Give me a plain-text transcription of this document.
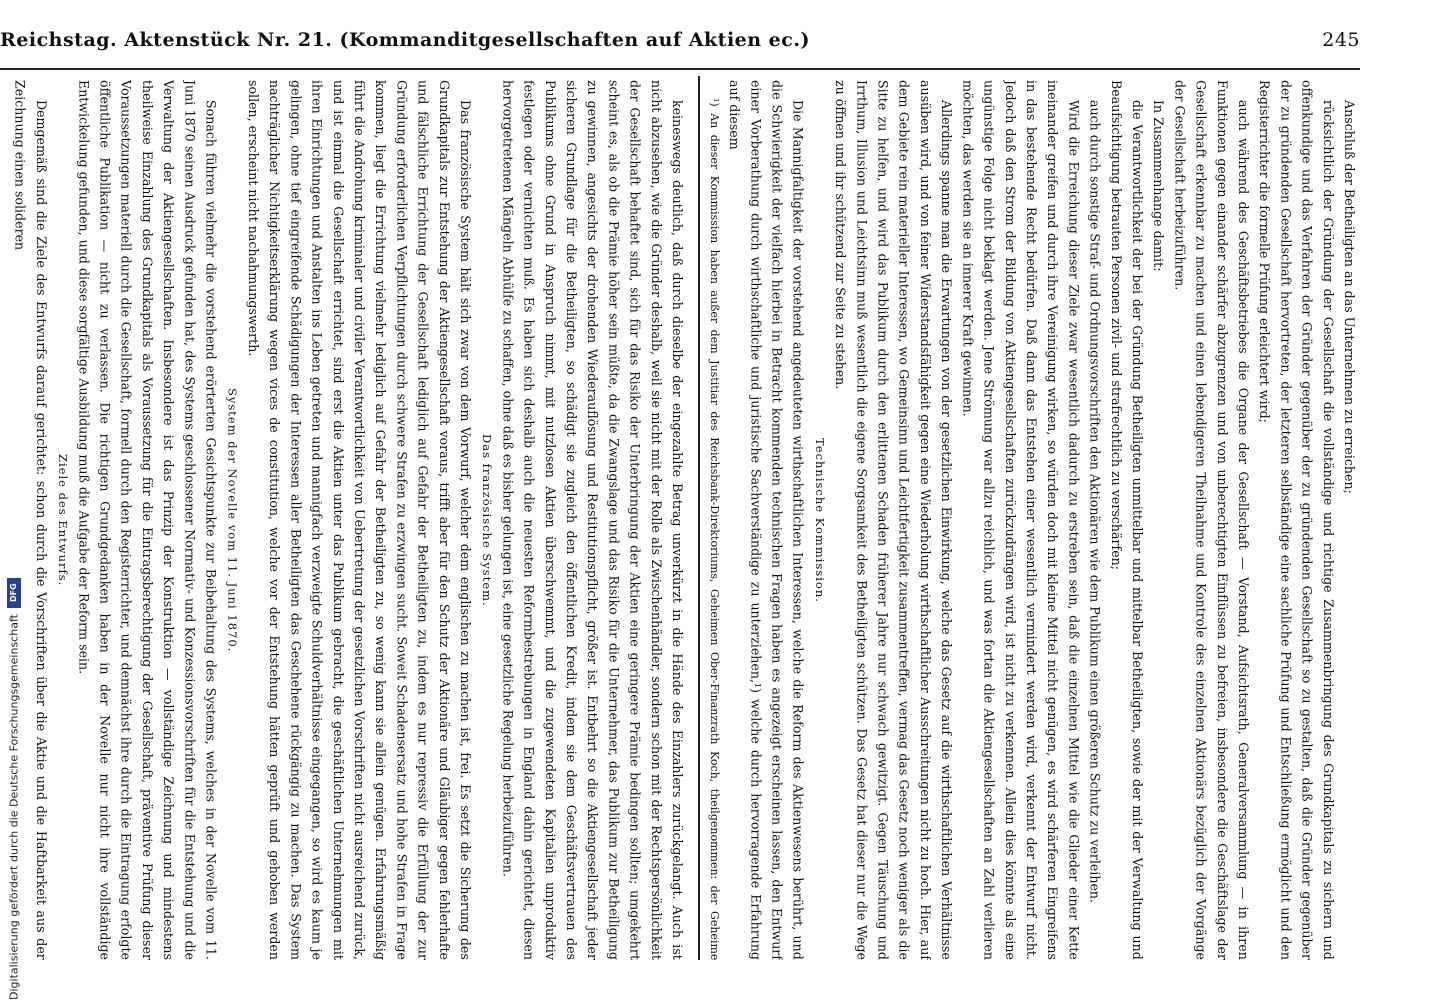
Reichstag. Aktenstück Nr. 21. (Kommanditgesellschaften auf Aktien ec.)	245

keineswegs deutlich, daß durch dieselbe der eingezahlte Betrag unverkürzt in die Hände des Einzahlers zurückgelangt. Auch ist nicht abzusehen, wie die Gründer deshalb, weil sie nicht mit der Rolle als Zwischenhändler, sondern schon mit der Rechtspersönlichkeit der Gesellschaft behaftet sind, sich für das Risiko der Unterbringung der Aktien eine geringere Prämie bedingen sollten; umgekehrt scheint es, als ob die Prämie höher sein müßte, da die Zwangslage und das Risiko für die Unternehmer, das Publikum zur Betheiligung zu gewinnen, angesichts der drohenden Wiederauflösung und Restitutionspflicht, größer ist. Entbehrt so die Aktiengesellschaft jeder sicheren Grundlage für die Betheiligten, so schädigt sie zugleich den öffentlichen Kredit, indem sie dem Geschäftsvertrauen des Publikums ohne Grund in Anspruch nimmt, mit nutzlosen Aktien überschwemmt, und die zugewendeten Kapitalien unproduktiv festlegen oder vernichten muß. Es haben sich deshalb auch die neuesten Reformbestrebungen in England dahin gerichtet, diesen hervorgetretenen Mängeln Abhülfe zu schaffen, ohne daß es bisher gelungen ist, eine gesetzliche Regelung herbeizuführen.

Das französische System.

Das französische System hält sich zwar von dem Vorwurf, welcher dem englischen zu machen ist, frei. Es setzt die Sicherung des Grundkapitals zur Entstehung der Aktiengesellschaft voraus, trifft aber für den Schutz der Aktionäre und Gläubiger gegen fehlerhafte und fälschliche Errichtung der Gesellschaft lediglich auf Gefahr der Betheiligten zu, indem es nur repressiv die Erfüllung der zur Gründung erforderlichen Verpflichtungen durch schwere Strafen zu erzwingen sucht. Soweit Schadensersatz und hohe Strafen in Frage kommen, liegt die Errichtung vielmehr lediglich auf Gefahr der Betheiligten zu, so wenig kann sie allein genügen. Erfahrungsmäßig führt die Androhung kriminaler und civiler Verantwortlichkeit von Uebertretung der gesetzlichen Vorschriften nicht ausreichend zurück, und ist einmal die Gesellschaft errichtet, sind erst die Aktien unter das Publikum gebracht, die geschäftlichen Unternehmungen mit ihren Einrichtungen und Anstalten ins Leben getreten und mannigfach verzweigte Schuldverhältnisse eingegangen, so wird es kaum je gelingen, ohne tief eingreifende Schädigungen der Interessen aller Betheiligten das Geschehene rückgängig zu machen. Das System nachträglicher Nichtigkeitserklärung wegen vices de constitution, welche vor der Entstehung hätten geprüft und gehoben werden sollen, erscheint nicht nachahmungswerth.

System der Novelle vom 11. Juni 1870.

Sonach führen vielmehr die vorstehend erörterten Gesichtspunkte zur Beibehaltung des Systems, welches in der Novelle vom 11. Juni 1870 seinen Ausdruck gefunden hat, des Systems geschlossener Normativ- und Konzessionsvorschriften für die Entstehung und die Verwaltung der Aktiengesellschaften. Insbesondere ist das Prinzip der Konstruktion — vollständige Zeichnung und mindestens theilweise Einzahlung des Grundkapitals als Voraussetzung für die Eintragsberechtigung der Gesellschaft, präventive Prüfung dieser Voraussetzungen materiell durch die Gesellschaft, formell durch den Registerrichter, und demnächst ihre durch die Eintragung erfolgte öffentliche Publikation — nicht zu verlassen. Die richtigen Grundgedanken haben in der Novelle nur nicht ihre vollständige Entwickelung gefunden, und diese sorgfältige Ausbildung muß die Aufgabe der Reform sein.

Ziele des Entwurfs.

Demgemäß sind die Ziele des Entwurfs darauf gerichtet: schon durch die Vorschriften über die Aktie und die Haftbarkeit aus der Zeichnung einen solideren	Anschluß der Betheiligten an das Unternehmen zu erreichen;

rücksichtlich der Gründung der Gesellschaft die vollständige und richtige Zusammenbringung des Grundkapitals zu sichern und offenkundige und das Verfahren der Gründer gegenüber der zu gründenden Gesellschaft so zu gestalten, daß die Gründer gegenüber der zu gründenden Gesellschaft hervortreten, der letzteren selbständige eine sachliche Prüfung und Entschließung ermöglicht und den Registerrichter die formelle Prüfung erleichtert wird;

auch während des Geschäftsbetriebes die Organe der Gesellschaft — Vorstand, Aufsichtsrath, Generalversammlung — in ihren Funktionen gegen einander schärfer abzugrenzen und von unberechtigten Einflüssen zu befreien, insbesondere die Geschäftslage der Gesellschaft erkennbar zu machen und einen lebendigeren Theilnahme und Kontrole des einzelnen Aktionärs bezüglich der Vorgänge der Gesellschaft herbeizuführen.

In Zusammenhange damit:

die Verantwortlichkeit der bei der Gründung Betheiligten unmittelbar und mittelbar Betheiligten, sowie der mit der Verwaltung und Beaufsichtigung betrauten Personen zivil- und strafrechtlich zu verschärfen;

auch durch sonstige Straf- und Ordnungsvorschriften den Aktionären wie dem Publikum einen größeren Schutz zu verleihen.

Wird die Erreichung dieser Ziele zwar wesentlich dadurch zu erstreben sein, daß die einzelnen Mittel wie die Glieder einer Kette ineinander greifen und durch ihre Vereinigung wirken, so würden doch mit kleine Mittel nicht genügen, es wird schärferen Eingreifens in das bestehende Recht bedürfen. Daß dann das Entstehen einer wesentlich vermindert werden wird, verkennt der Entwurf nicht. Jedoch daß den Strom der Bildung von Aktiengesellschaften zurückzudrängen wird, ist nicht zu verkennen. Allein dies könnte als eine ungünstige Folge nicht beklagt werden. Jene Strömung war allzu reichlich, und was fortan die Aktiengesellschaften an Zahl verlieren möchten, das werden sie an innerer Kraft gewinnen.

Allerdings spanne man die Erwartungen von der gesetzlichen Einwirkung, welche das Gesetz auf die wirthschaftlichen Verhältnisse ausüben wird, und von feiner Widerstandsfähigkeit gegen eine Wiederholung wirthschaftlicher Ausschreitungen nicht zu hoch. Hier, auf dem Gebiete rein materieller Interessen, wo Gemeinsinn und Leichtfertigkeit zusammentreffen, vermag das Gesetz noch weniger als die Sitte zu helfen, und wird das Publikum durch den erlittenen Schaden früherer Jahre nur schwach gewitzigt. Gegen Täuschung und Irrthum, Illusion und Leichtsinn muß wesentlich die eigene Sorgsamkeit des Betheiligten schützen. Das Gesetz hat dieser nur die Wege zu öffnen und ihr schützend zur Seite zu stehen.

Technische Kommission.

Die Mannigfaltigkeit der vorstehend angedeuteten wirthschaftlichen Interessen, welche die Reform des Aktienwesens berührt, und die Schwierigkeit der vielfach hierbei in Betracht kommenden technischen Fragen haben es angezeigt erscheinen lassen, den Entwurf einer Vorberathung durch wirthschaftliche und juristische Sachverständige zu unterziehen,¹) welche durch hervorragende Erfahrung auf diesem

¹) An dieser Kommission haben außer dem Justitiar des Reichsbank-Direktoriums, Geheimen Ober-Finanzrath Koch, theilgenommen: der Geheime

Digitalisierung gefördert durch die Deutsche Forschungsgemeinschaft
DFG
